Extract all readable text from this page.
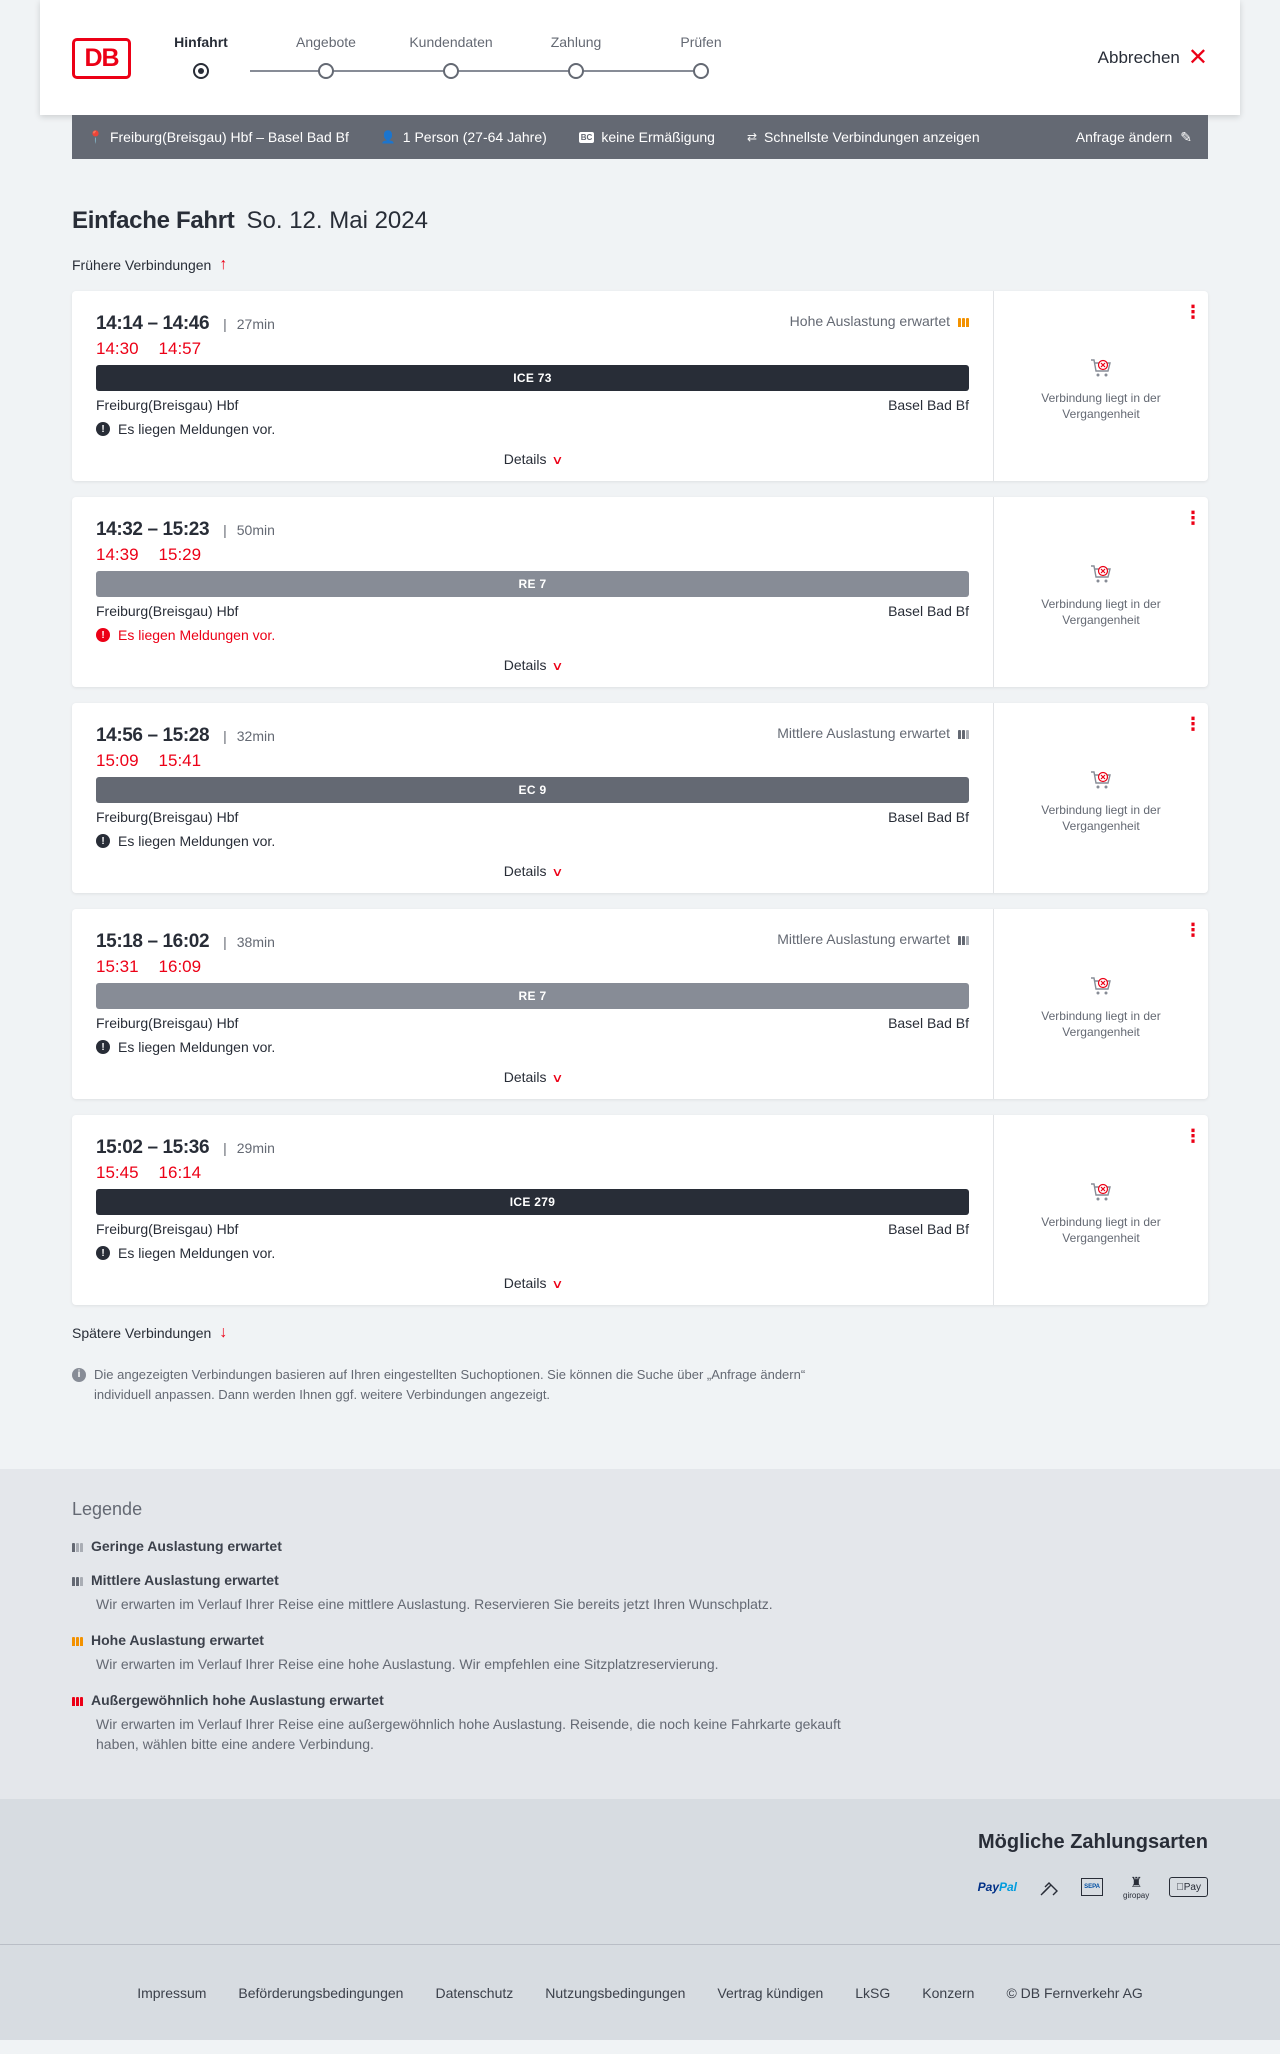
DB
Hinfahrt	Angebote	Kundendaten	Zahlung	Prüfen
Abbrechen ✕
📍 Freiburg(Breisgau) Hbf – Basel Bad Bf	👤 1 Person (27-64 Jahre)	BC keine Ermäßigung	⇄ Schnellste Verbindungen anzeigen	Anfrage ändern ✎
Einfache Fahrt So. 12. Mai 2024
Frühere Verbindungen ↑
14:14 – 14:46 | 27min	Hohe Auslastung erwartet
14:30 14:57
ICE 73
Freiburg(Breisgau) Hbf	Basel Bad Bf
! Es liegen Meldungen vor.
Details ∨
⋮
Verbindung liegt in der Vergangenheit
14:32 – 15:23 | 50min
14:39 15:29
RE 7
Freiburg(Breisgau) Hbf	Basel Bad Bf
! Es liegen Meldungen vor.
Details ∨
⋮
Verbindung liegt in der Vergangenheit
14:56 – 15:28 | 32min	Mittlere Auslastung erwartet
15:09 15:41
EC 9
Freiburg(Breisgau) Hbf	Basel Bad Bf
! Es liegen Meldungen vor.
Details ∨
⋮
Verbindung liegt in der Vergangenheit
15:18 – 16:02 | 38min	Mittlere Auslastung erwartet
15:31 16:09
RE 7
Freiburg(Breisgau) Hbf	Basel Bad Bf
! Es liegen Meldungen vor.
Details ∨
⋮
Verbindung liegt in der Vergangenheit
15:02 – 15:36 | 29min
15:45 16:14
ICE 279
Freiburg(Breisgau) Hbf	Basel Bad Bf
! Es liegen Meldungen vor.
Details ∨
⋮
Verbindung liegt in der Vergangenheit
Spätere Verbindungen ↓
i	Die angezeigten Verbindungen basieren auf Ihren eingestellten Suchoptionen. Sie können die Suche über „Anfrage ändern“ individuell anpassen. Dann werden Ihnen ggf. weitere Verbindungen angezeigt.
Legende
Geringe Auslastung erwartet
Mittlere Auslastung erwartet
Wir erwarten im Verlauf Ihrer Reise eine mittlere Auslastung. Reservieren Sie bereits jetzt Ihren Wunschplatz.
Hohe Auslastung erwartet
Wir erwarten im Verlauf Ihrer Reise eine hohe Auslastung. Wir empfehlen eine Sitzplatzreservierung.
Außergewöhnlich hohe Auslastung erwartet
Wir erwarten im Verlauf Ihrer Reise eine außergewöhnlich hohe Auslastung. Reisende, die noch keine Fahrkarte gekauft haben, wählen bitte eine andere Verbindung.
Mögliche Zahlungsarten
PayPal	SEPA	♜
giropay
Pay
Impressum Beförderungsbedingungen Datenschutz Nutzungsbedingungen Vertrag kündigen LkSG Konzern © DB Fernverkehr AG
